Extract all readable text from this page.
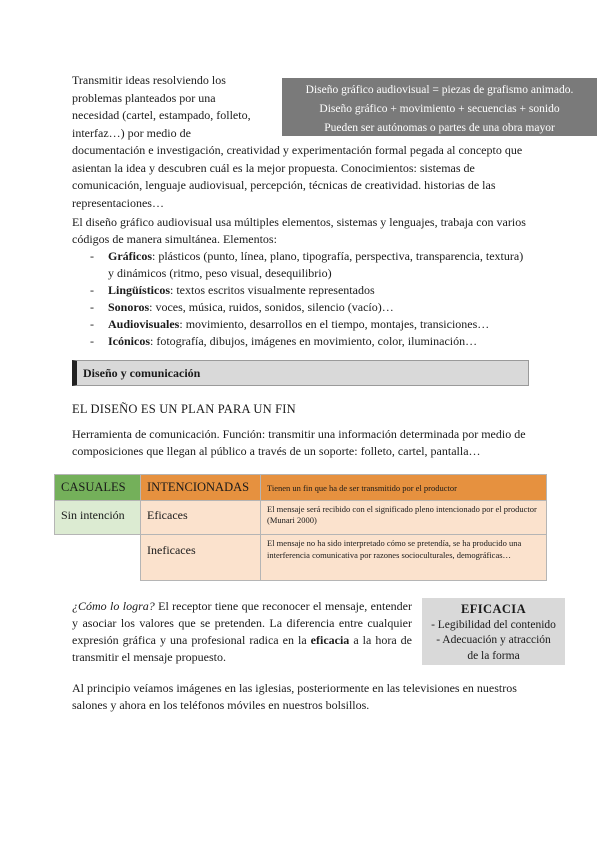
Diseño gráfico audiovisual = piezas de grafismo animado.
Diseño gráfico + movimiento + secuencias + sonido
Pueden ser autónomas o partes de una obra mayor
Transmitir ideas resolviendo los problemas planteados por una necesidad (cartel, estampado, folleto, interfaz…) por medio de documentación e investigación, creatividad y experimentación formal pegada al concepto que asientan la idea y descubren cuál es la mejor propuesta. Conocimientos: sistemas de comunicación, lenguaje audiovisual, percepción, técnicas de creatividad. historias de las representaciones…

El diseño gráfico audiovisual usa múltiples elementos, sistemas y lenguajes, trabaja con varios códigos de manera simultánea. Elementos:

- Gráficos: plásticos (punto, línea, plano, tipografía, perspectiva, transparencia, textura) y dinámicos (ritmo, peso visual, desequilibrio)
- Lingüísticos: textos escritos visualmente representados
- Sonoros: voces, música, ruidos, sonidos, silencio (vacío)…
- Audiovisuales: movimiento, desarrollos en el tiempo, montajes, transiciones…
- Icónicos: fotografía, dibujos, imágenes en movimiento, color, iluminación…
Diseño y comunicación
EL DISEÑO ES UN PLAN PARA UN FIN

Herramienta de comunicación. Función: transmitir una información determinada por medio de composiciones que llegan al público a través de un soporte: folleto, cartel, pantalla…

CASUALES	INTENCIONADAS	Tienen un fin que ha de ser transmitido por el productor
Sin intención	Eficaces	El mensaje será recibido con el significado pleno intencionado por el productor (Munari 2000)
	Ineficaces	El mensaje no ha sido interpretado cómo se pretendía, se ha producido una interferencia comunicativa por razones socioculturales, demográficas…

¿Cómo lo logra? El receptor tiene que reconocer el mensaje, entender y asociar los valores que se pretenden. La diferencia entre cualquier expresión gráfica y una profesional radica en la eficacia a la hora de transmitir el mensaje propuesto.

EFICACIA
- Legibilidad del contenido
- Adecuación y atracción
de la forma

Al principio veíamos imágenes en las iglesias, posteriormente en las televisiones en nuestros salones y ahora en los teléfonos móviles en nuestros bolsillos.
